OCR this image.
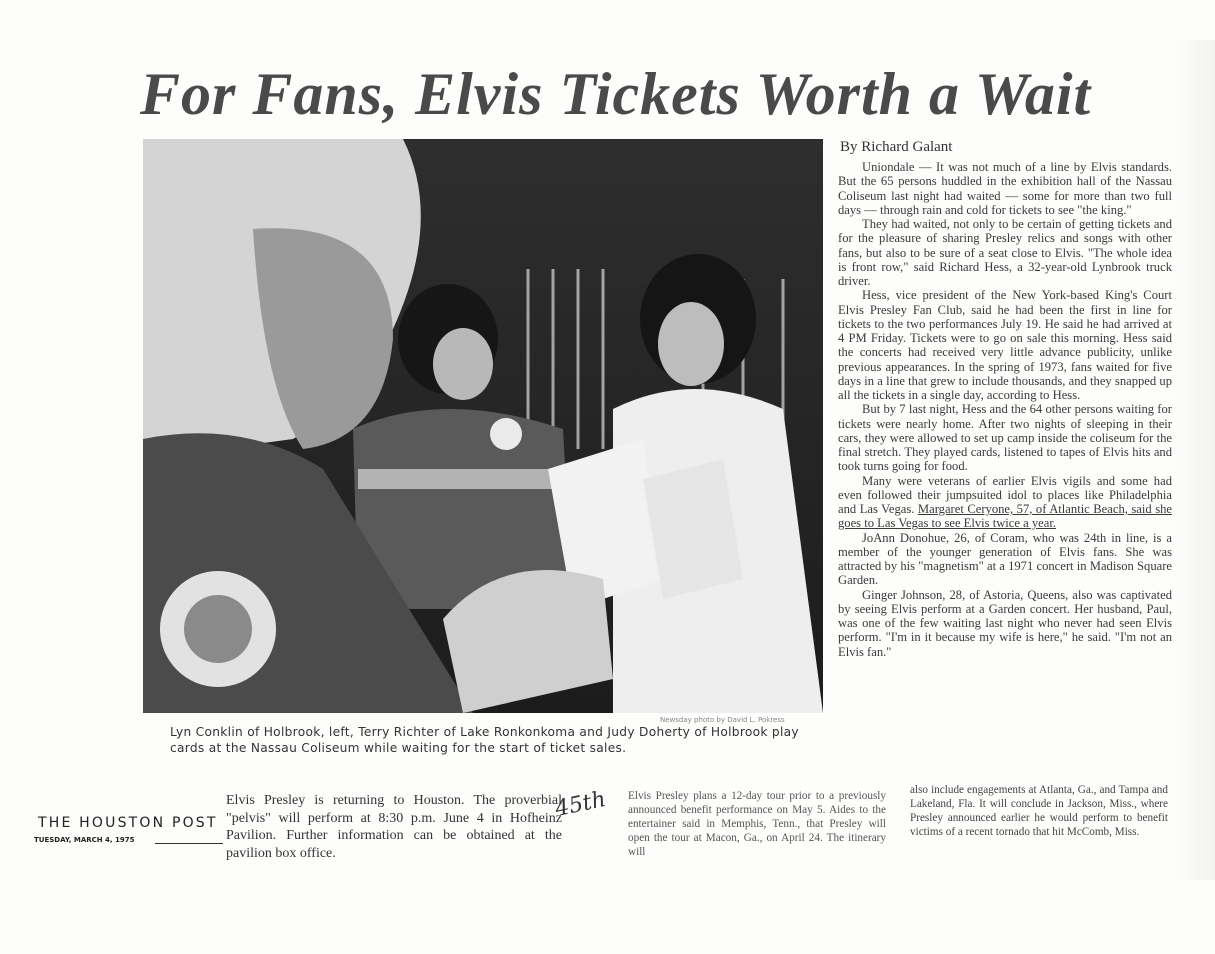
For Fans, Elvis Tickets Worth a Wait
Newsday photo by David L. Pokress
Lyn Conklin of Holbrook, left, Terry Richter of Lake Ronkonkoma and Judy Doherty of Holbrook play cards at the Nassau Coliseum while waiting for the start of ticket sales.
By Richard Galant

Uniondale — It was not much of a line by Elvis standards. But the 65 persons huddled in the exhibition hall of the Nassau Coliseum last night had waited — some for more than two full days — through rain and cold for tickets to see "the king."

They had waited, not only to be certain of getting tickets and for the pleasure of sharing Presley relics and songs with other fans, but also to be sure of a seat close to Elvis. "The whole idea is front row," said Richard Hess, a 32-year-old Lynbrook truck driver.

Hess, vice president of the New York-based King's Court Elvis Presley Fan Club, said he had been the first in line for tickets to the two performances July 19. He said he had arrived at 4 PM Friday. Tickets were to go on sale this morning. Hess said the concerts had received very little advance publicity, unlike previous appearances. In the spring of 1973, fans waited for five days in a line that grew to include thousands, and they snapped up all the tickets in a single day, according to Hess.

But by 7 last night, Hess and the 64 other persons waiting for tickets were nearly home. After two nights of sleeping in their cars, they were allowed to set up camp inside the coliseum for the final stretch. They played cards, listened to tapes of Elvis hits and took turns going for food.

Many were veterans of earlier Elvis vigils and some had even followed their jumpsuited idol to places like Philadelphia and Las Vegas. Margaret Ceryone, 57, of Atlantic Beach, said she goes to Las Vegas to see Elvis twice a year.

JoAnn Donohue, 26, of Coram, who was 24th in line, is a member of the younger generation of Elvis fans. She was attracted by his "magnetism" at a 1971 concert in Madison Square Garden.

Ginger Johnson, 28, of Astoria, Queens, also was captivated by seeing Elvis perform at a Garden concert. Her husband, Paul, was one of the few waiting last night who never had seen Elvis perform. "I'm in it because my wife is here," he said. "I'm not an Elvis fan."

THE HOUSTON POST
TUESDAY, MARCH 4, 1975
Elvis Presley is returning to Houston. The proverbial "pelvis" will perform at 8:30 p.m. June 4 in Hofheinz Pavilion. Further information can be obtained at the pavilion box office.
45th Elvis Presley plans a 12-day tour prior to a previously announced benefit performance on May 5. Aides to the entertainer said in Memphis, Tenn., that Presley will open the tour at Macon, Ga., on April 24. The itinerary will
also include engagements at Atlanta, Ga., and Tampa and Lakeland, Fla. It will conclude in Jackson, Miss., where Presley announced earlier he would perform to benefit victims of a recent tornado that hit McComb, Miss.
